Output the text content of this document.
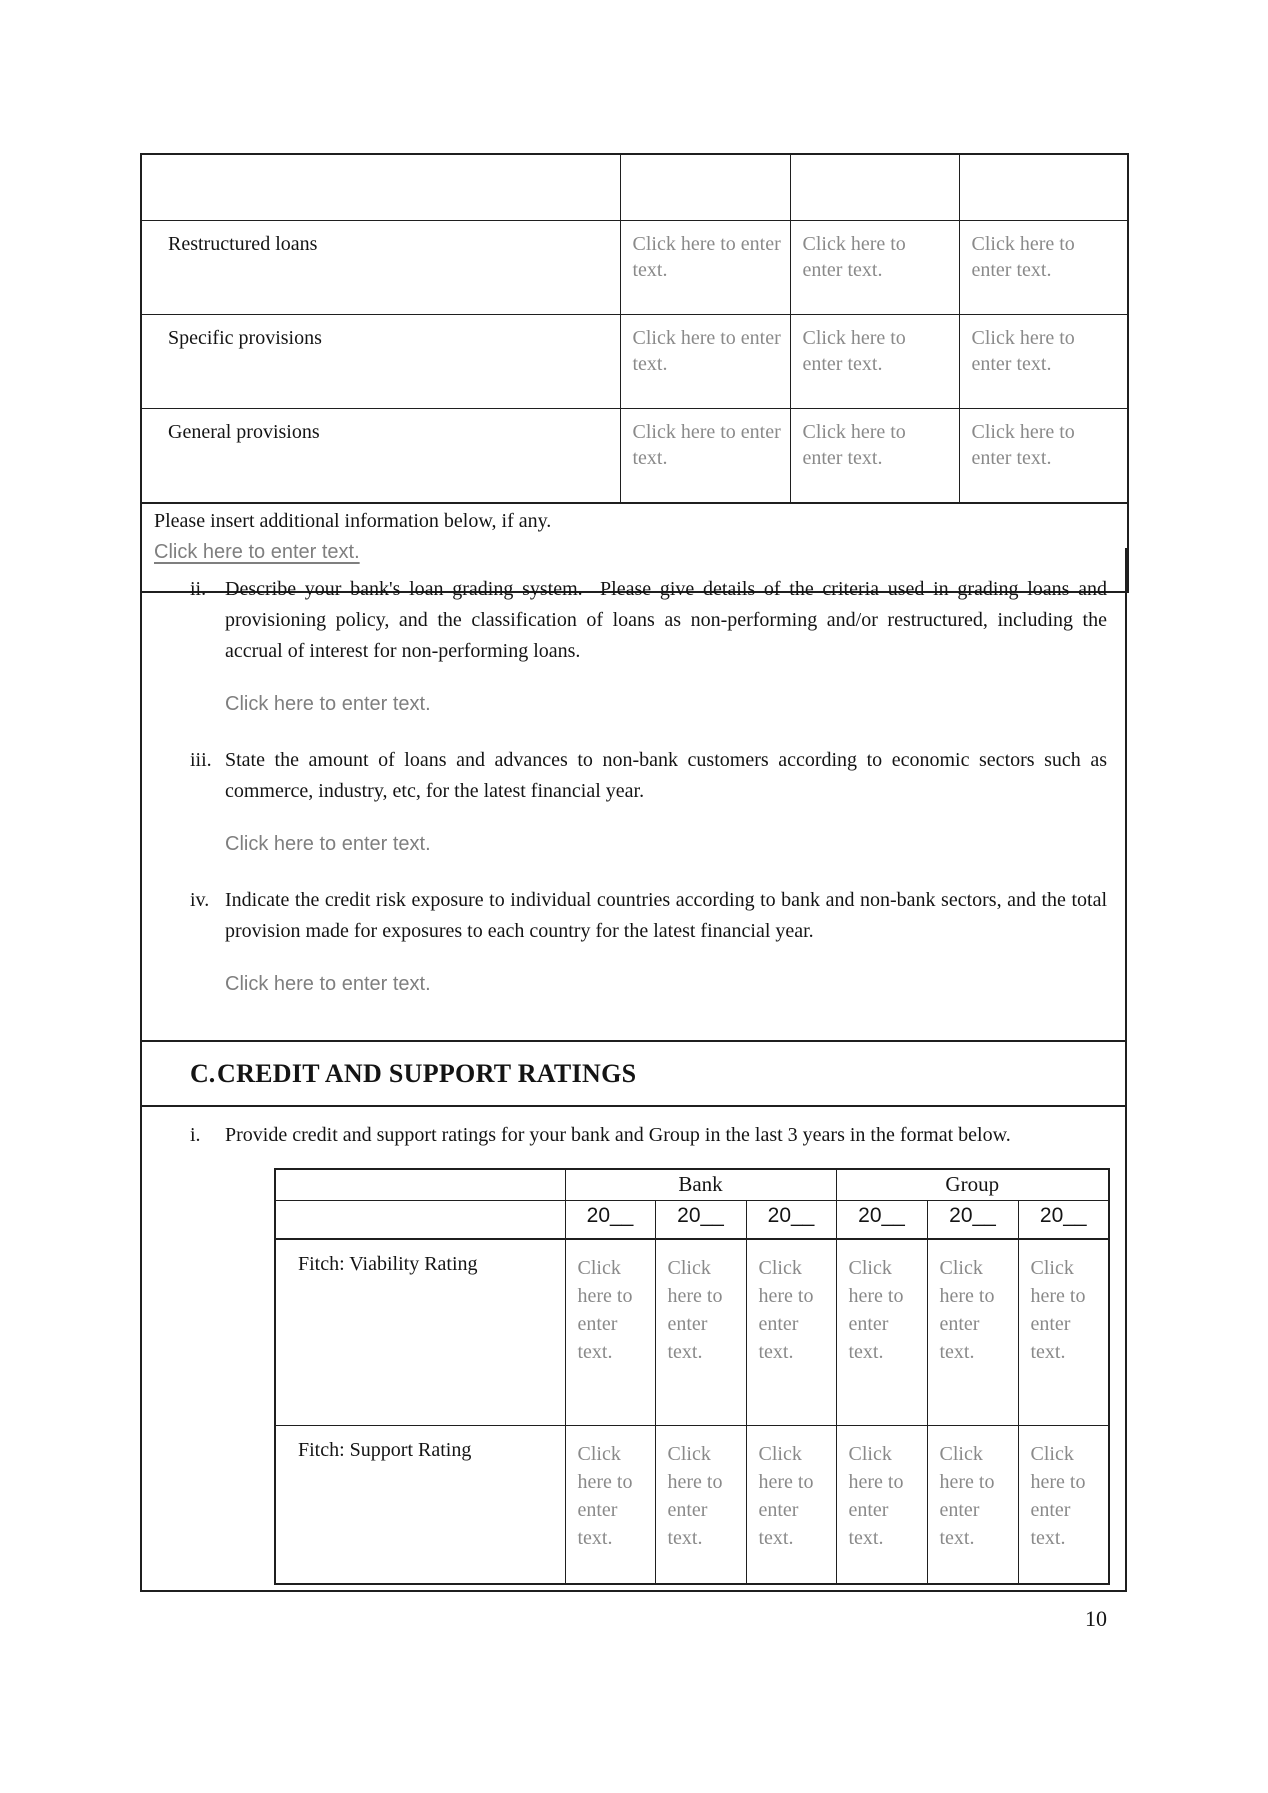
Restructured loans	Click here to enter text.	Click here to enter text.	Click here to enter text.
Specific provisions	Click here to enter text.	Click here to enter text.	Click here to enter text.
General provisions	Click here to enter text.	Click here to enter text.	Click here to enter text.

Please insert additional information below, if any.
Click here to enter text.			
ii. Describe your bank's loan grading system.  Please give details of the criteria used in grading loans and provisioning policy, and the classification of loans as non-performing and/or restructured, including the accrual of interest for non-performing loans.
Click here to enter text.
iii. State the amount of loans and advances to non-bank customers according to economic sectors such as commerce, industry, etc, for the latest financial year.
Click here to enter text.
iv. Indicate the credit risk exposure to individual countries according to bank and non-bank sectors, and the total provision made for exposures to each country for the latest financial year.
Click here to enter text.
C. CREDIT AND SUPPORT RATINGS
i.	Provide credit and support ratings for your bank and Group in the last 3 years in the format below.
	Bank			Group		
	20__	20__	20__	20__	20__	20__
Fitch: Viability Rating	Click here to enter text.	Click here to enter text.	Click here to enter text.	Click here to enter text.	Click here to enter text.	Click here to enter text.
Fitch: Support Rating	Click here to enter text.	Click here to enter text.	Click here to enter text.	Click here to enter text.	Click here to enter text.	Click here to enter text.
10
